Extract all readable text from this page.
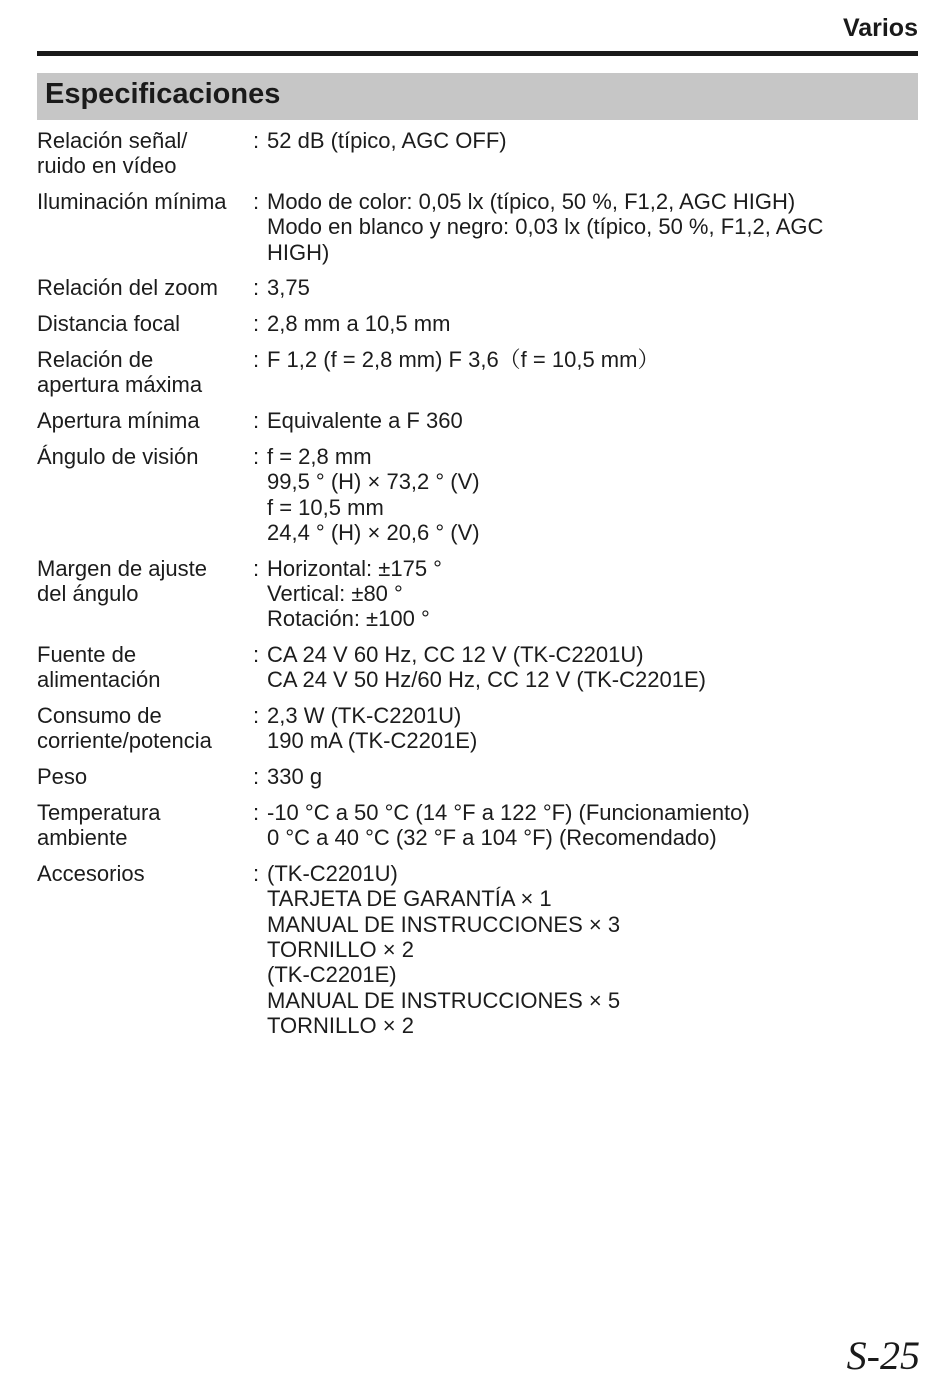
Varios
Especificaciones
Relación señal/
ruido en vídeo
: 52 dB (típico, AGC OFF)
Iluminación mínima	: Modo de color: 0,05 lx (típico, 50 %, F1,2, AGC HIGH)
Modo en blanco y negro: 0,03 lx (típico, 50 %, F1,2, AGC
HIGH)
Relación del zoom	: 3,75
Distancia focal	: 2,8 mm a 10,5 mm
Relación de
apertura máxima
: F 1,2 (f = 2,8 mm) F 3,6（f = 10,5 mm）
Apertura mínima	: Equivalente a F 360
Ángulo de visión	: f = 2,8 mm
99,5 ° (H) × 73,2 ° (V)
f = 10,5 mm
24,4 ° (H) × 20,6 ° (V)
Margen de ajuste
del ángulo
: Horizontal: ±175 °
Vertical: ±80 °
Rotación: ±100 °
Fuente de
alimentación
: CA 24 V 60 Hz, CC 12 V (TK-C2201U)
CA 24 V 50 Hz/60 Hz, CC 12 V (TK-C2201E)
Consumo de
corriente/potencia
: 2,3 W (TK-C2201U)
190 mA (TK-C2201E)
Peso	: 330 g
Temperatura
ambiente
: -10 °C a 50 °C (14 °F a 122 °F) (Funcionamiento)
0 °C a 40 °C (32 °F a 104 °F) (Recomendado)
Accesorios	: (TK-C2201U)
TARJETA DE GARANTÍA × 1
MANUAL DE INSTRUCCIONES × 3
TORNILLO × 2
(TK-C2201E)
MANUAL DE INSTRUCCIONES × 5
TORNILLO × 2
S-25
